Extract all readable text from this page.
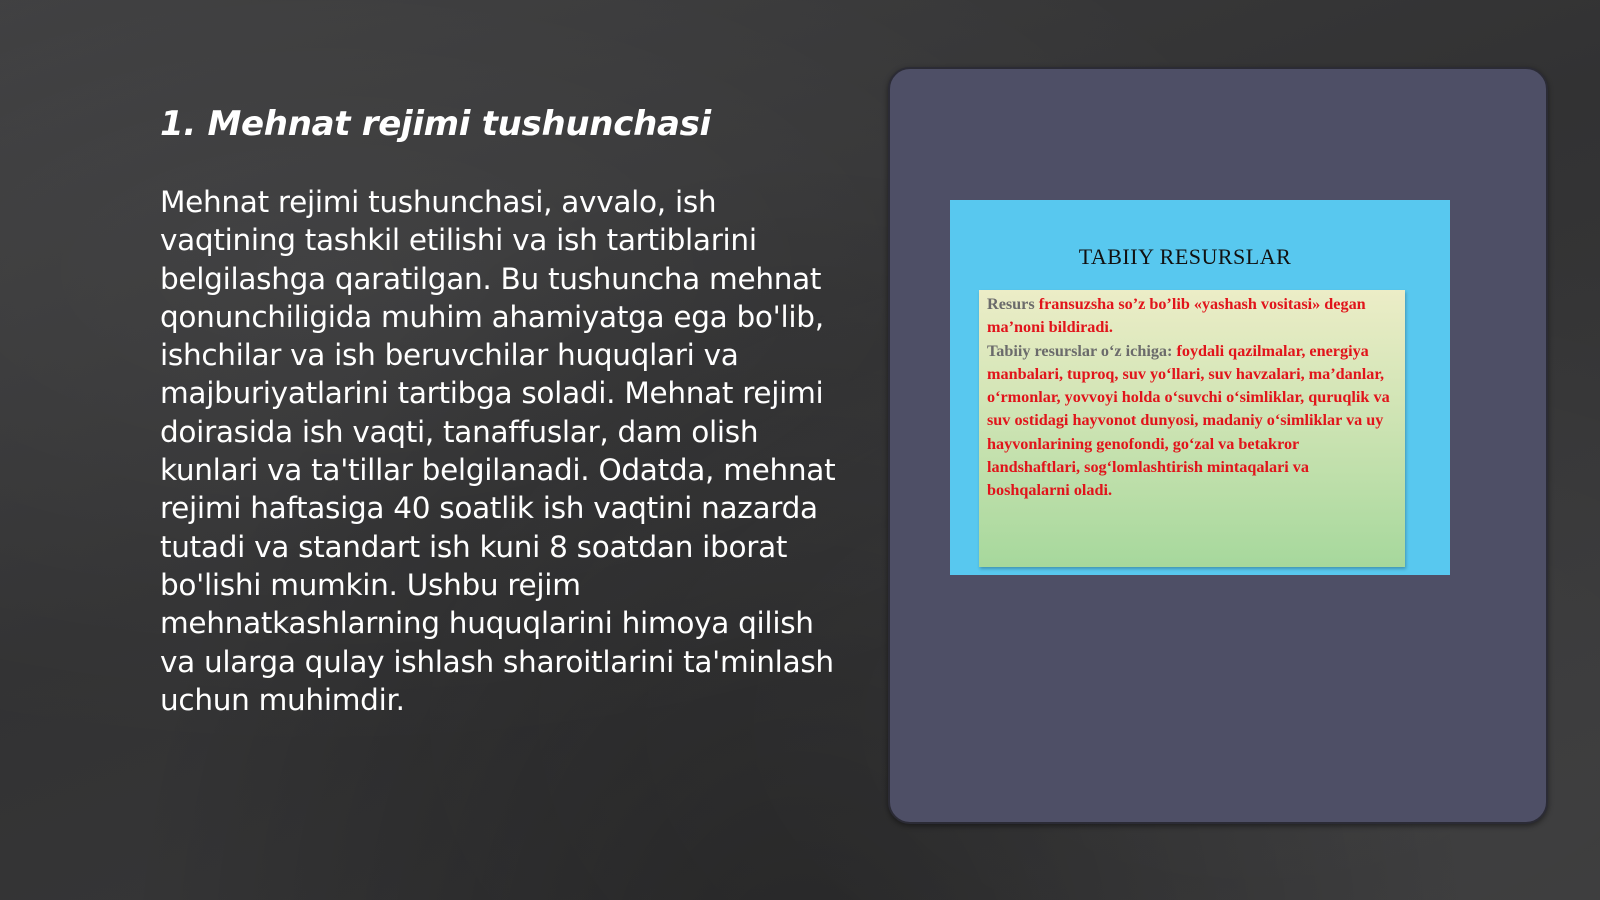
1. Mehnat rejimi tushunchasi

Mehnat rejimi tushunchasi, avvalo, ish vaqtining tashkil etilishi va ish tartiblarini belgilashga qaratilgan. Bu tushuncha mehnat qonunchiligida muhim ahamiyatga ega bo'lib, ishchilar va ish beruvchilar huquqlari va majburiyatlarini tartibga soladi. Mehnat rejimi doirasida ish vaqti, tanaffuslar, dam olish kunlari va ta'tillar belgilanadi. Odatda, mehnat rejimi haftasiga 40 soatlik ish vaqtini nazarda tutadi va standart ish kuni 8 soatdan iborat bo'lishi mumkin. Ushbu rejim mehnatkashlarning huquqlarini himoya qilish va ularga qulay ishlash sharoitlarini ta'minlash uchun muhimdir.

TABIIY RESURSLAR

Resurs fransuzsha so’z bo’lib «yashash vositasi» degan ma’noni bildiradi.

Tabiiy resurslar o‘z ichiga: foydali qazilmalar, energiya manbalari, tuproq, suv yo‘llari, suv havzalari, ma’danlar, o‘rmonlar, yovvoyi holda o‘suvchi o‘simliklar, quruqlik va suv ostidagi hayvonot dunyosi, madaniy o‘simliklar va uy hayvonlarining genofondi, go‘zal va betakror landshaftlari, sog‘lomlashtirish mintaqalari va boshqalarni oladi.
